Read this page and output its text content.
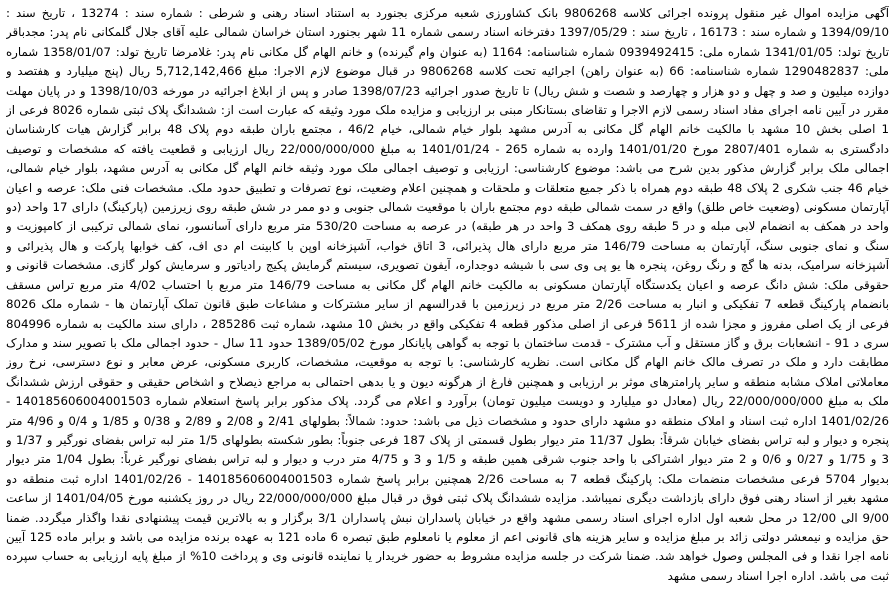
آگهی مزایده اموال غیر منقول پرونده اجرائی کلاسه 9806268 بانک کشاورزی شعبه مرکزی بجنورد به استناد اسناد رهنی و شرطی : شماره سند : 13274 ، تاریخ سند : 1394/09/10 و شماره سند : 16173 ، تاریخ سند : 1397/05/29 دفترخانه اسناد رسمی شماره 11 شهر بجنورد استان خراسان شمالی علیه آقای جلال گلمکانی نام پدر: مجدباقر تاریخ تولد: 1341/01/05 شماره ملی: 0939492415 شماره شناسنامه: 1164 (به عنوان وام گیرنده) و خانم الهام گل مکانی نام پدر: غلامرضا تاریخ تولد: 1358/01/07 شماره ملی: 1290482837 شماره شناسنامه: 66 (به عنوان راهن) اجرائیه تحت کلاسه 9806268 در قبال موضوع لازم الاجرا: مبلغ 5,712,142,466 ریال (پنج میلیارد و هفتصد و دوازده میلیون و صد و چهل و دو هزار و چهارصد و شصت و شش ریال) تا تاریخ صدور اجرائیه 1398/07/23 صادر و پس از ابلاغ اجرائیه در مورخه 1398/10/03 و در پایان مهلت مقرر در آیین نامه اجرای مفاد اسناد رسمی لازم الاجرا و تقاضای بستانکار مبنی بر ارزیابی و مزایده ملک مورد وثیقه که عبارت است از: ششدانگ پلاک ثبتی شماره 8026 فرعی از 1 اصلی بخش 10 مشهد با مالکیت خانم الهام گل مکانی به آدرس مشهد بلوار خیام شمالی، خیام 46/2 ، مجتمع باران طبقه دوم پلاک 48 برابر گزارش هیات کارشناسان دادگستری به شماره 2807/401 مورخ 1401/01/20 وارده به شماره 265 - 1401/01/24 به مبلغ 22/000/000/000 ریال ارزیابی و قطعیت یافته که مشخصات و توصیف اجمالی ملک برابر گزارش مذکور بدین شرح می باشد: موضوع کارشناسی: ارزیابی و توصیف اجمالی ملک مورد وثیقه خانم الهام گل مکانی به آدرس مشهد، بلوار خیام شمالی، خیام 46 جنب شکری 2 پلاک 48 طبقه دوم همراه با ذکر جمیع متعلقات و ملحقات و همچنین اعلام وضعیت، نوع تصرفات و تطبیق حدود ملک. مشخصات فنی ملک: عرصه و اعیان آپارتمان مسکونی (وضعیت خاص طلق) واقع در سمت شمالی طبقه دوم مجتمع باران با موقعیت شمالی جنوبی و دو ممر در شش طبقه روی زیرزمین (پارکینگ) دارای 17 واحد (دو واحد در همکف به انضمام لابی مبله و در 5 طبقه روی همکف 3 واحد در هر طبقه) در عرصه به مساحت 530/20 متر مربع دارای آسانسور، نمای شمالی ترکیبی از کامپوزیت و سنگ و نمای جنوبی سنگ، آپارتمان به مساحت 146/79 متر مربع دارای هال پذیرائی، 3 اتاق خواب، آشپزخانه اوپن با کابینت ام دی اف، کف خوابها پارکت و هال پذیرائی و آشپزخانه سرامیک، بدنه ها گچ و رنگ روغن، پنجره ها یو پی وی سی با شیشه دوجداره، آیفون تصویری، سیستم گرمایش پکیج رادیاتور و سرمایش کولر گازی. مشخصات قانونی و حقوقی ملک: شش دانگ عرصه و اعیان یکدستگاه آپارتمان مسکونی به مالکیت خانم الهام گل مکانی به مساحت 146/79 متر مربع با احتساب 4/02 متر مربع تراس مسقف بانضمام پارکینگ قطعه 7 تفکیکی و انبار به مساحت 2/26 متر مربع در زیرزمین با قدرالسهم از سایر مشترکات و مشاعات طبق قانون تملک آپارتمان ها - شماره ملک 8026 فرعی از یک اصلی مفروز و مجزا شده از 5611 فرعی از اصلی مذکور قطعه 4 تفکیکی واقع در بخش 10 مشهد، شماره ثبت 285286 ، دارای سند مالکیت به شماره 804996 سری د 91 - انشعابات برق و گاز مستقل و آب مشترک - قدمت ساختمان با توجه به گواهی پایانکار مورخ 1389/05/02 حدود 11 سال - حدود اجمالی ملک با تصویر سند و مدارک مطابقت دارد و ملک در تصرف مالک خانم الهام گل مکانی است. نظریه کارشناسی: با توجه به موقعیت، مشخصات، کاربری مسکونی، عرض معابر و نوع دسترسی، نرخ روز معاملاتی املاک مشابه منطقه و سایر پارامترهای موثر بر ارزیابی و همچنین فارغ از هرگونه دیون و یا بدهی احتمالی به مراجع ذیصلاح و اشخاص حقیقی و حقوقی ارزش ششدانگ ملک به مبلغ 22/000/000/000 ریال (معادل دو میلیارد و دویست میلیون تومان) برآورد و اعلام می گردد. پلاک مذکور برابر پاسخ استعلام شماره 140185606004001503 - 1401/02/26 اداره ثبت اسناد و املاک منطقه دو مشهد دارای حدود و مشخصات ذیل می باشد: حدود: شمالاً: بطولهای 2/41 و 2/08 و 2/89 و 0/38 و 1/85 و 0/4 و 4/96 متر پنجره و دیوار و لبه تراس بفضای خیابان شرقاً: بطول 11/37 متر دیوار بطول قسمتی از پلاک 187 فرعی جنوباً: بطور شکسته بطولهای 1/5 متر لبه تراس بفضای نورگیر و 1/37 و 3 و 1/75 و 0/27 و 0/6 و 2 متر دیوار اشتراکی با واحد جنوب شرقی همین طبقه و 1/5 و 3 و 4/75 متر درب و دیوار و لبه تراس بفضای نورگیر غرباً: بطول 1/04 متر دیوار بدیوار 5704 فرعی مشخصات منضمات ملک: پارکینگ قطعه 7 به مساحت 2/26 همچنین برابر پاسخ شماره 140185606004001503 - 1401/02/26 اداره ثبت منطقه دو مشهد بغیر از اسناد رهنی فوق دارای بازداشت دیگری نمیباشد. مزایده ششدانگ پلاک ثبتی فوق در قبال مبلغ 22/000/000/000 ریال در روز یکشنبه مورخ 1401/04/05 از ساعت 9/00 الی 12/00 در محل شعبه اول اداره اجرای اسناد رسمی مشهد واقع در خیابان پاسداران نبش پاسداران 3/1 برگزار و به بالاترین قیمت پیشنهادی نقدا واگذار میگردد. ضمنا حق مزایده و نیمعشر دولتی زائد بر مبلغ مزایده و سایر هزینه های قانونی اعم از معلوم یا نامعلوم طبق تبصره 6 ماده 121 به عهده برنده مزایده می باشد و برابر ماده 125 آیین نامه اجرا نقدا و فی المجلس وصول خواهد شد. ضمنا شرکت در جلسه مزایده مشروط به حضور خریدار یا نماینده قانونی وی و پرداخت 10% از مبلغ پایه ارزیابی به حساب سپرده ثبت می باشد. اداره اجرا اسناد رسمی مشهد
